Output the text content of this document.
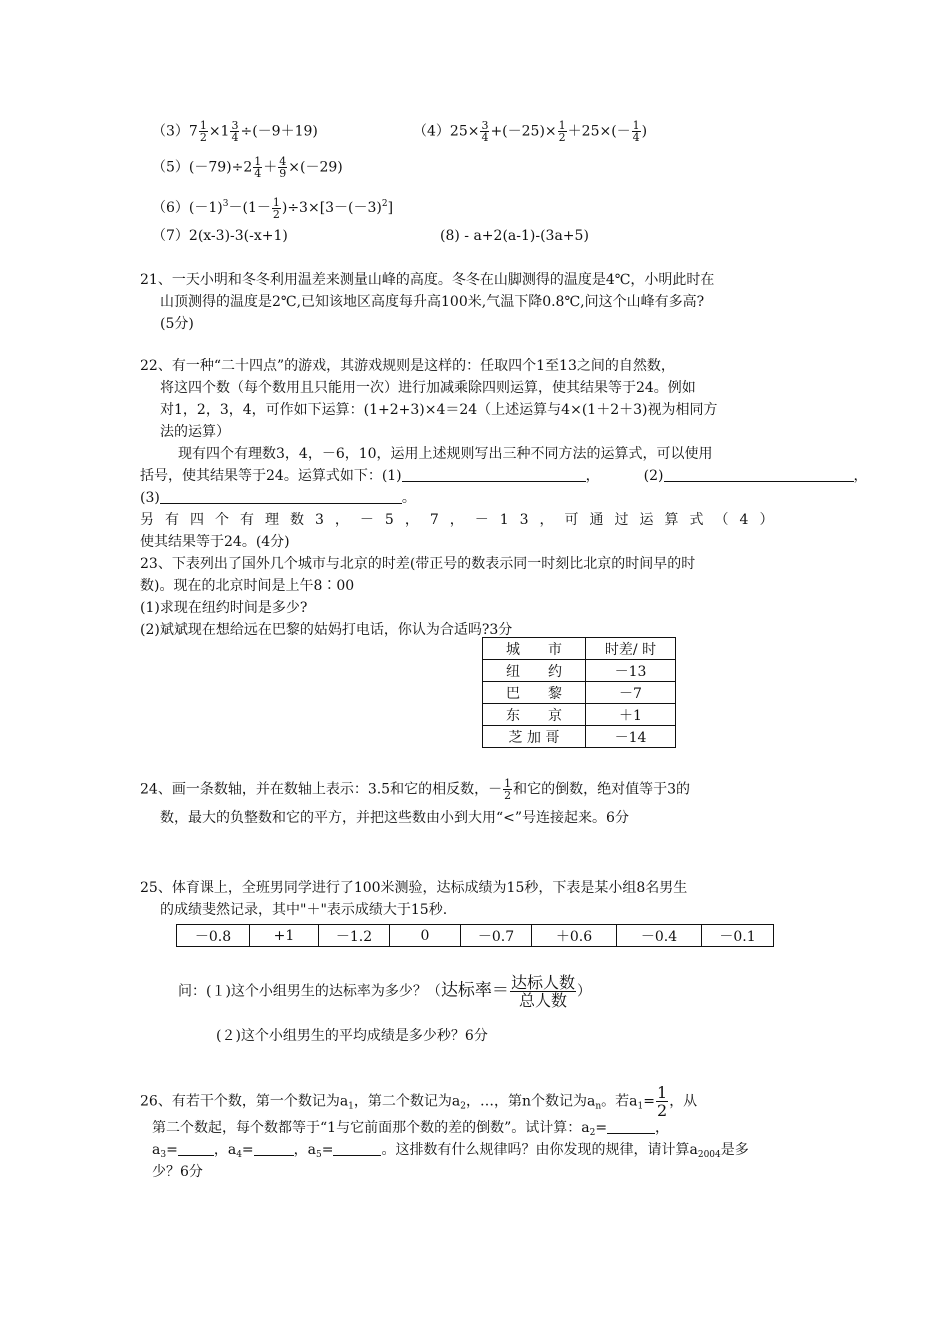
$(3)7 \frac{1}{2} \times 1 \frac{3}{4} \div(-9+19)$	$(4)25\times \frac{3}{4} +(-25)\times \frac{1}{2} +25\times(- \frac{1}{4}$ )
$(5)(-79)\div 2 \frac{1}{4} + \frac{4}{9} \times(-29)$
$(6)(-1)^3-(1- \frac{1}{2} )\div 3\times[3-(-3)^2]$
（7）2(x-3)-3(-x+1)	(8) - a+2(a-1)-(3a+5)
21、一天小明和冬冬利用温差来测量山峰的高度。冬冬在山脚测得的温度是4℃，小明此时在
山顶测得的温度是2℃,已知该地区高度每升高100米,气温下降0.8℃,问这个山峰有多高?
(5分)
22、有一种“二十四点”的游戏，其游戏规则是这样的：任取四个1至13之间的自然数，
将这四个数（每个数用且只能用一次）进行加减乘除四则运算，使其结果等于24。例如
对1，2，3，4，可作如下运算：(1+2+3)×4＝24（上述运算与4×(1＋2＋3)视为相同方
法的运算）
现有四个有理数3，4，－6，10，运用上述规则写出三种不同方法的运算式，可以使用
括号，使其结果等于24。运算式如下：(1)	，	(2)	，
(3)	。
另有四个有理数3，－5，7，－13，可通过运算式（4）
使其结果等于24。(4分)
23、下表列出了国外几个城市与北京的时差(带正号的数表示同一时刻比北京的时间早的时
数)。现在的北京时间是上午8∶00
(1)求现在纽约时间是多少?
(2)斌斌现在想给远在巴黎的姑妈打电话，你认为合适吗?3分
城　　市	时差/ 时
纽　　约	－13
巴　　黎	－7
东　　京	＋1
芝 加 哥	－14
24、画一条数轴，并在数轴上表示：3.5和它的相反数，－ $\frac{1}{2}$ 和它的倒数，绝对值等于3的
数，最大的负整数和它的平方，并把这些数由小到大用“<”号连接起来。6分
25、体育课上，全班男同学进行了100米测验，达标成绩为15秒，下表是某小组8名男生
的成绩斐然记录，其中"＋"表示成绩大于15秒.
－0.8	+1	－1.2	0	－0.7	＋0.6	－0.4	－0.1
问：(１)这个小组男生的达标率为多少？（达标率＝ $\frac{\text{达标人数}}{\text{总人数}}$ ）
(２)这个小组男生的平均成绩是多少秒？6分
26、有若干个数，第一个数记为$a_1$，第二个数记为$a_2$，…，第n个数记为$a_n$。若$a_1= \frac{1}{2}$ ，从
第二个数起，每个数都等于“1与它前面那个数的差的倒数”。试计算：$a_2=$	，
$a_3=$	，$a_4=$	，$a_5=$	。这排数有什么规律吗？由你发现的规律，请计算$a_{2004}$是多
少？6分
